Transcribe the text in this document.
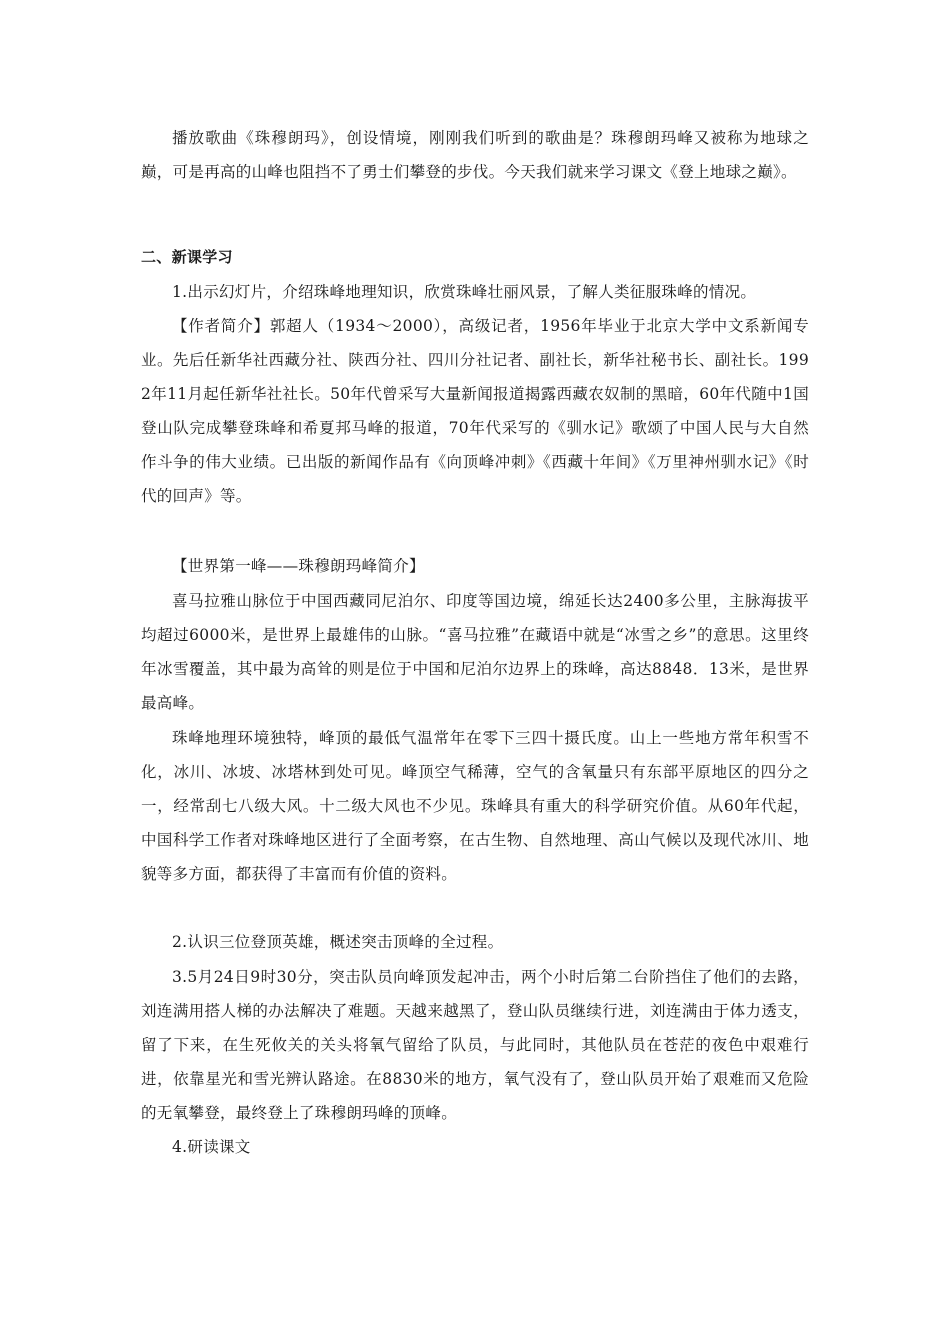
播放歌曲《珠穆朗玛》，创设情境，刚刚我们听到的歌曲是？珠穆朗玛峰又被称为地球之巅，可是再高的山峰也阻挡不了勇士们攀登的步伐。今天我们就来学习课文《登上地球之巅》。

二、新课学习

1.出示幻灯片，介绍珠峰地理知识，欣赏珠峰壮丽风景，了解人类征服珠峰的情况。

【作者简介】郭超人（1934～2000），高级记者，1956年毕业于北京大学中文系新闻专业。先后任新华社西藏分社、陕西分社、四川分社记者、副社长，新华社秘书长、副社长。1992年11月起任新华社社长。50年代曾采写大量新闻报道揭露西藏农奴制的黑暗，60年代随中1国登山队完成攀登珠峰和希夏邦马峰的报道，70年代采写的《驯水记》歌颂了中国人民与大自然作斗争的伟大业绩。已出版的新闻作品有《向顶峰冲刺》《西藏十年间》《万里神州驯水记》《时代的回声》等。

【世界第一峰——珠穆朗玛峰简介】

喜马拉雅山脉位于中国西藏同尼泊尔、印度等国边境，绵延长达2400多公里，主脉海拔平均超过6000米，是世界上最雄伟的山脉。“喜马拉雅”在藏语中就是“冰雪之乡”的意思。这里终年冰雪覆盖，其中最为高耸的则是位于中国和尼泊尔边界上的珠峰，高达8848．13米，是世界最高峰。

珠峰地理环境独特，峰顶的最低气温常年在零下三四十摄氏度。山上一些地方常年积雪不化，冰川、冰坡、冰塔林到处可见。峰顶空气稀薄，空气的含氧量只有东部平原地区的四分之一，经常刮七八级大风。十二级大风也不少见。珠峰具有重大的科学研究价值。从60年代起，中国科学工作者对珠峰地区进行了全面考察，在古生物、自然地理、高山气候以及现代冰川、地貌等多方面，都获得了丰富而有价值的资料。

2.认识三位登顶英雄，概述突击顶峰的全过程。

3.5月24日9时30分，突击队员向峰顶发起冲击，两个小时后第二台阶挡住了他们的去路，刘连满用搭人梯的办法解决了难题。天越来越黑了，登山队员继续行进，刘连满由于体力透支，留了下来，在生死攸关的关头将氧气留给了队员，与此同时，其他队员在苍茫的夜色中艰难行进，依靠星光和雪光辨认路途。在8830米的地方，氧气没有了，登山队员开始了艰难而又危险的无氧攀登，最终登上了珠穆朗玛峰的顶峰。

4.研读课文
